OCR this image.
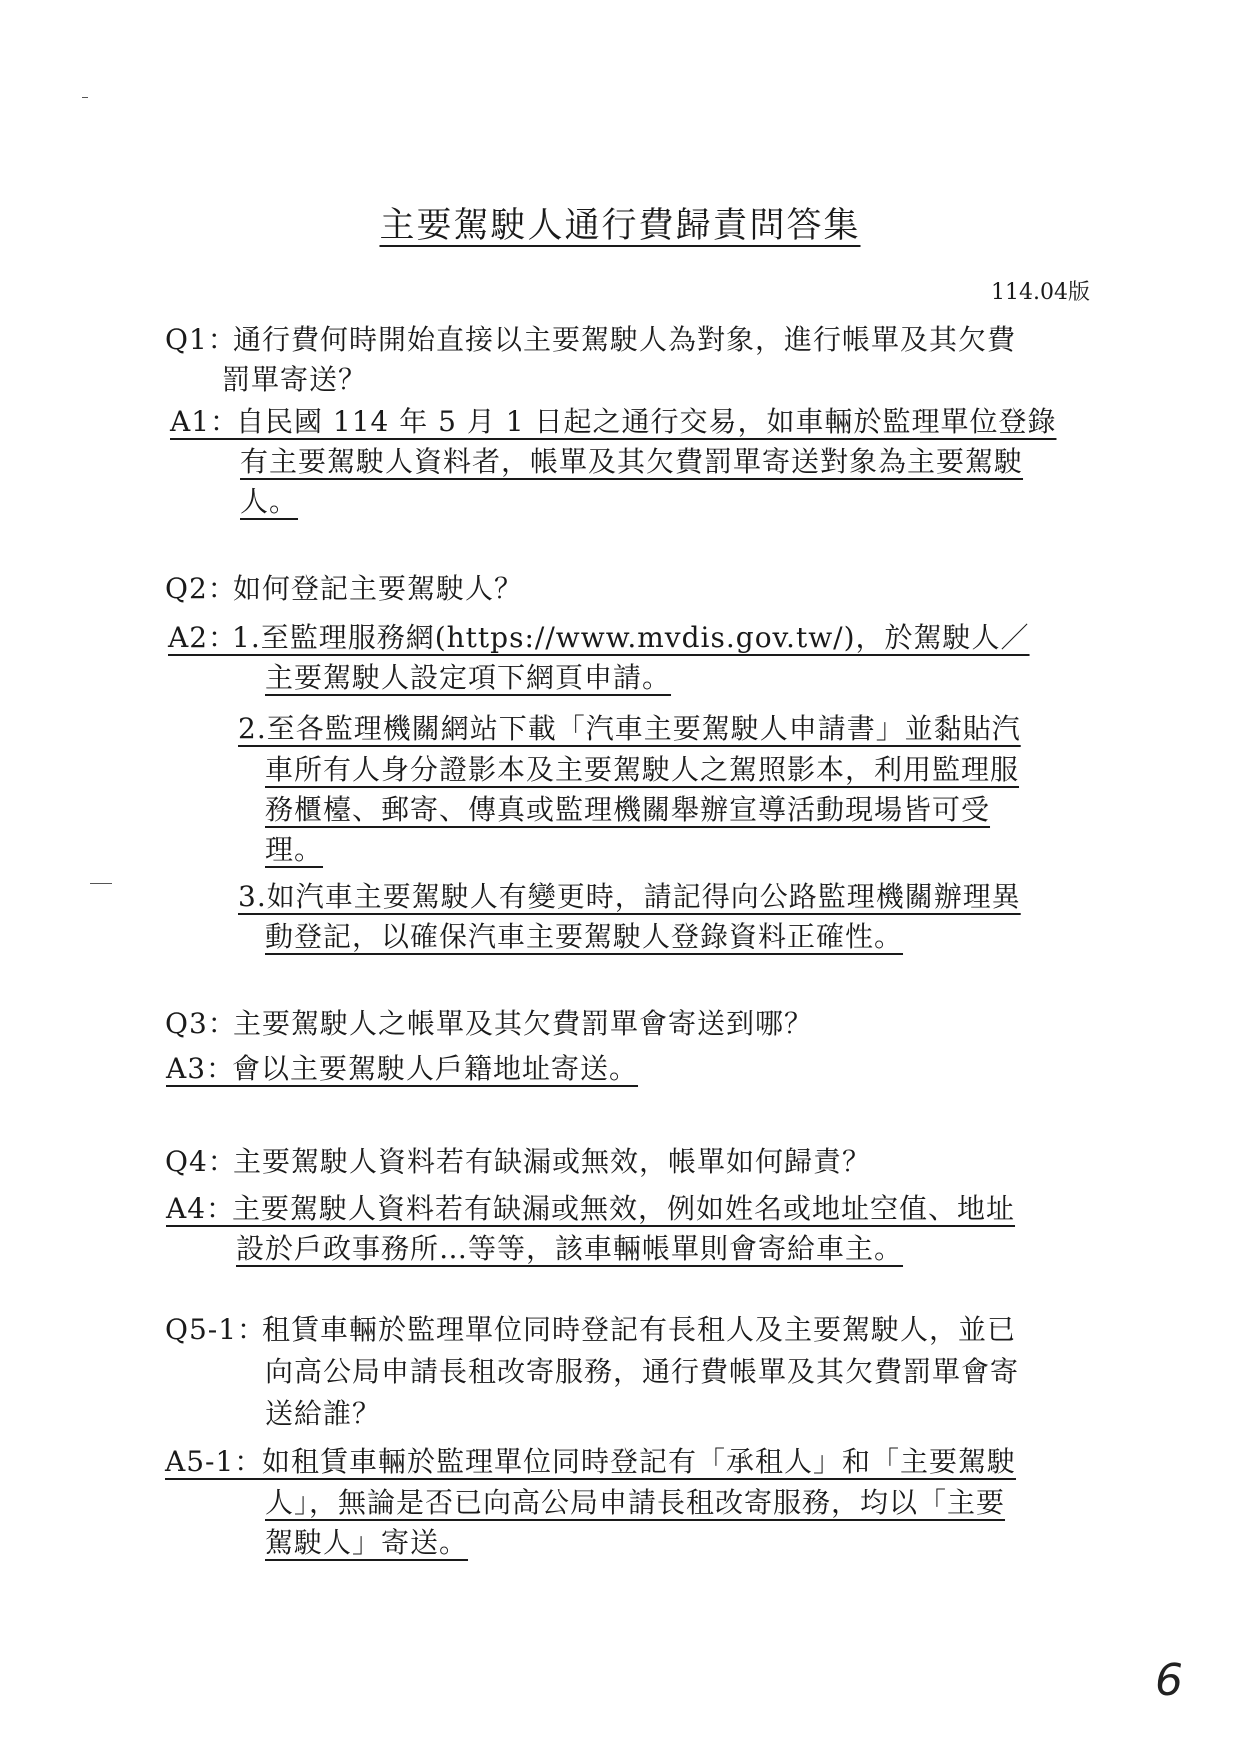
主要駕駛人通行費歸責問答集
114.04版
Q1：
通行費何時開始直接以主要駕駛人為對象，進行帳單及其欠費
罰單寄送？
A1：
自民國 114 年 5 月 1 日起之通行交易，如車輛於監理單位登錄
有主要駕駛人資料者，帳單及其欠費罰單寄送對象為主要駕駛
人。
Q2：
如何登記主要駕駛人？
A2：
1.至監理服務網(https://www.mvdis.gov.tw/)，於駕駛人／
主要駕駛人設定項下網頁申請。
2.至各監理機關網站下載「汽車主要駕駛人申請書」並黏貼汽
車所有人身分證影本及主要駕駛人之駕照影本，利用監理服
務櫃檯、郵寄、傳真或監理機關舉辦宣導活動現場皆可受
理。
3.如汽車主要駕駛人有變更時，請記得向公路監理機關辦理異
動登記，以確保汽車主要駕駛人登錄資料正確性。
Q3：
主要駕駛人之帳單及其欠費罰單會寄送到哪？
A3：
會以主要駕駛人戶籍地址寄送。
Q4：
主要駕駛人資料若有缺漏或無效，帳單如何歸責？
A4：
主要駕駛人資料若有缺漏或無效，例如姓名或地址空值、地址
設於戶政事務所…等等，該車輛帳單則會寄給車主。
Q5-1：
租賃車輛於監理單位同時登記有長租人及主要駕駛人，並已
向高公局申請長租改寄服務，通行費帳單及其欠費罰單會寄
送給誰？
A5-1：
如租賃車輛於監理單位同時登記有「承租人」和「主要駕駛
人」，無論是否已向高公局申請長租改寄服務，均以「主要
駕駛人」寄送。
6
